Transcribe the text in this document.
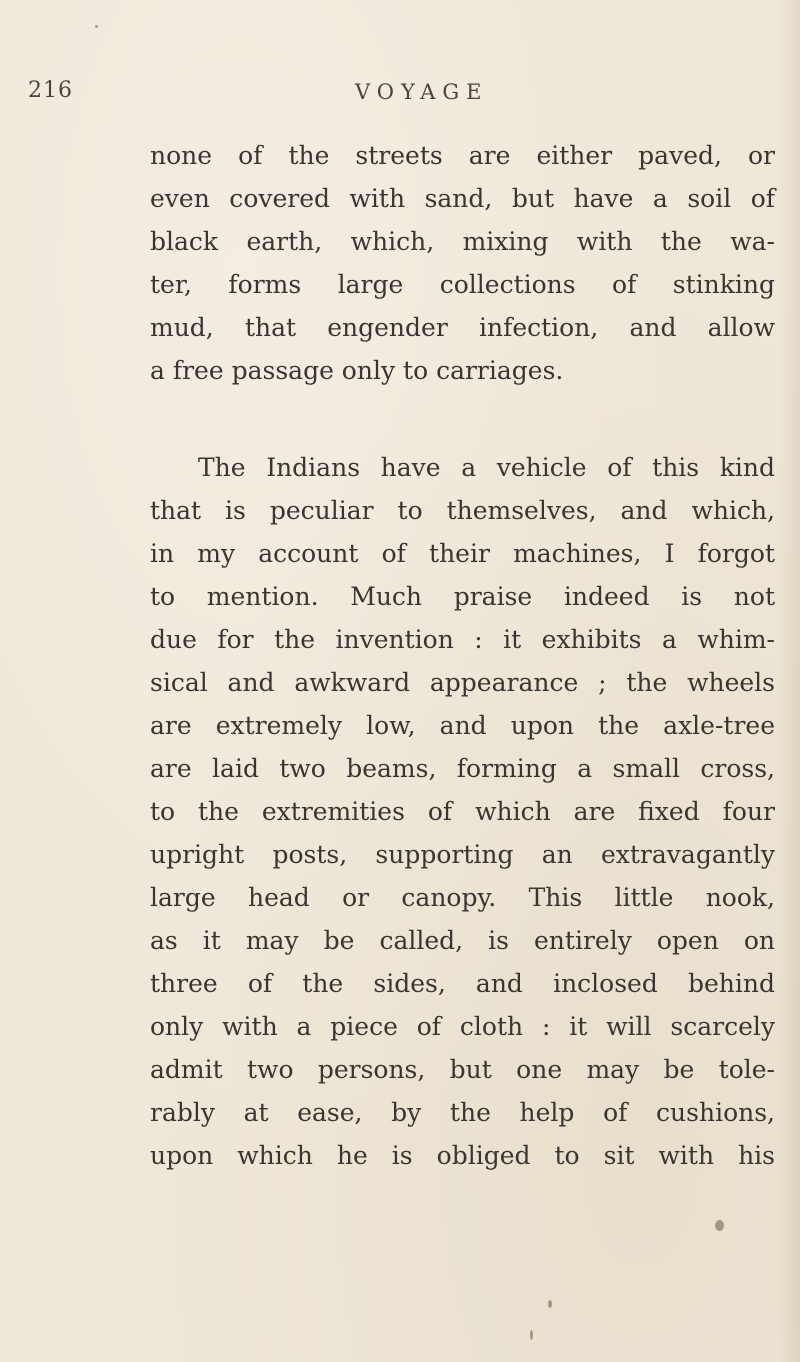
216	VOYAGE
none of the streets are either paved, or
even covered with sand, but have a soil of
black earth, which, mixing with the wa-
ter, forms large collections of stinking
mud, that engender infection, and allow
a free passage only to carriages.
The Indians have a vehicle of this kind
that is peculiar to themselves, and which,
in my account of their machines, I forgot
to mention. Much praise indeed is not
due for the invention : it exhibits a whim-
sical and awkward appearance ; the wheels
are extremely low, and upon the axle-tree
are laid two beams, forming a small cross,
to the extremities of which are fixed four
upright posts, supporting an extravagantly
large head or canopy. This little nook,
as it may be called, is entirely open on
three of the sides, and inclosed behind
only with a piece of cloth : it will scarcely
admit two persons, but one may be tole-
rably at ease, by the help of cushions,
upon which he is obliged to sit with his
